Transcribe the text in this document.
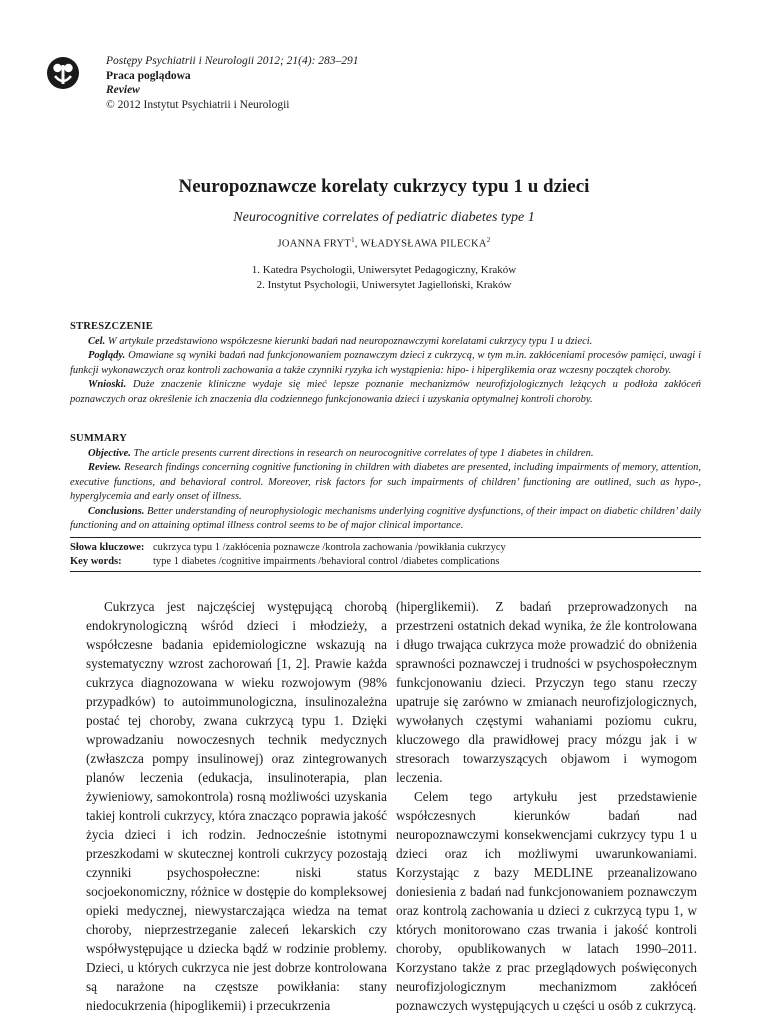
Postępy Psychiatrii i Neurologii 2012; 21(4): 283–291
Praca poglądowa
Review
© 2012 Instytut Psychiatrii i Neurologii
Neuropoznawcze korelaty cukrzycy typu 1 u dzieci
Neurocognitive correlates of pediatric diabetes type 1
JOANNA FRYT$^1$, WŁADYSŁAWA PILECKA$^2$
1. Katedra Psychologii, Uniwersytet Pedagogiczny, Kraków
2. Instytut Psychologii, Uniwersytet Jagielloński, Kraków
STRESZCZENIE

Cel. W artykule przedstawiono współczesne kierunki badań nad neuropoznawczymi korelatami cukrzycy typu 1 u dzieci.

Poglądy. Omawiane są wyniki badań nad funkcjonowaniem poznawczym dzieci z cukrzycą, w tym m.in. zakłóceniami procesów pamięci, uwagi i funkcji wykonawczych oraz kontroli zachowania a także czynniki ryzyka ich wystąpienia: hipo- i hiperglikemia oraz wczesny początek choroby.

Wnioski. Duże znaczenie kliniczne wydaje się mieć lepsze poznanie mechanizmów neurofizjologicznych leżących u podłoża zakłóceń poznawczych oraz określenie ich znaczenia dla codziennego funkcjonowania dzieci i uzyskania optymalnej kontroli choroby.

SUMMARY

Objective. The article presents current directions in research on neurocognitive correlates of type 1 diabetes in children.

Review. Research findings concerning cognitive functioning in children with diabetes are presented, including impairments of memory, attention, executive functions, and behavioral control. Moreover, risk factors for such impairments of children’ functioning are outlined, such as hypo-, hyperglycemia and early onset of illness.

Conclusions. Better understanding of neurophysiologic mechanisms underlying cognitive dysfunctions, of their impact on diabetic children’ daily functioning and on attaining optimal illness control seems to be of major clinical importance.

Słowa kluczowe: cukrzyca typu 1 /zakłócenia poznawcze /kontrola zachowania /powikłania cukrzycy
Key words:	type 1 diabetes /cognitive impairments /behavioral control /diabetes complications

Cukrzyca jest najczęściej występującą chorobą endokrynologiczną wśród dzieci i młodzieży, a współczesne badania epidemiologiczne wskazują na systematyczny wzrost zachorowań [1, 2]. Prawie każda cukrzyca diagnozowana w wieku rozwojowym (98% przypadków) to autoimmunologiczna, insulinozależna postać tej choroby, zwana cukrzycą typu 1. Dzięki wprowadzaniu nowoczesnych technik medycznych (zwłaszcza pompy insulinowej) oraz zintegrowanych planów leczenia (edukacja, insulinoterapia, plan żywieniowy, samokontrola) rosną możliwości uzyskania takiej kontroli cukrzycy, która znacząco poprawia jakość życia dzieci i ich rodzin. Jednocześnie istotnymi przeszkodami w skutecznej kontroli cukrzycy pozostają czynniki psychospołeczne: niski status socjoekonomiczny, różnice w dostępie do kompleksowej opieki medycznej, niewystarczająca wiedza na temat choroby, nieprzestrzeganie zaleceń lekarskich czy współwystępujące u dziecka bądź w rodzinie problemy. Dzieci, u których cukrzyca nie jest dobrze kontrolowana są narażone na częstsze powikłania: stany niedocukrzenia (hipoglikemii) i przecukrzenia

(hiperglikemii). Z badań przeprowadzonych na przestrzeni ostatnich dekad wynika, że źle kontrolowana i długo trwająca cukrzyca może prowadzić do obniżenia sprawności poznawczej i trudności w psychospołecznym funkcjonowaniu dzieci. Przyczyn tego stanu rzeczy upatruje się zarówno w zmianach neurofizjologicznych, wywołanych częstymi wahaniami poziomu cukru, kluczowego dla prawidłowej pracy mózgu jak i w stresorach towarzyszących objawom i wymogom leczenia.

Celem tego artykułu jest przedstawienie współczesnych kierunków badań nad neuropoznawczymi konsekwencjami cukrzycy typu 1 u dzieci oraz ich możliwymi uwarunkowaniami. Korzystając z bazy MEDLINE przeanalizowano doniesienia z badań nad funkcjonowaniem poznawczym oraz kontrolą zachowania u dzieci z cukrzycą typu 1, w których monitorowano czas trwania i jakość kontroli choroby, opublikowanych w latach 1990–2011. Korzystano także z prac przeglądowych poświęconych neurofizjologicznym mechanizmom zakłóceń poznawczych występujących u części u osób z cukrzycą.
